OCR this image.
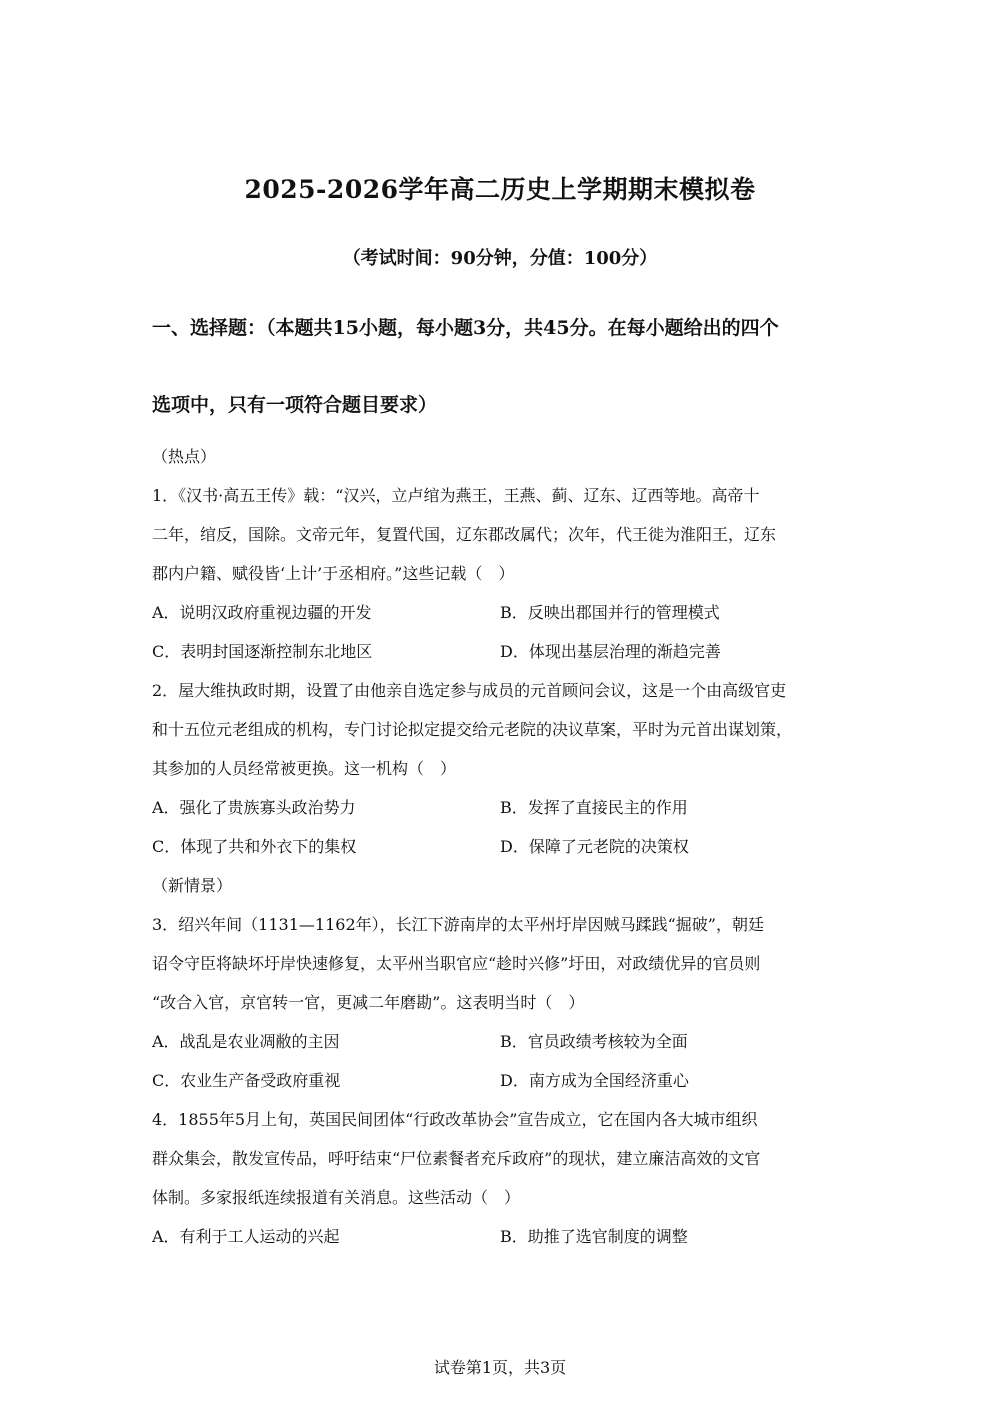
2025-2026学年高二历史上学期期末模拟卷
（考试时间：90分钟，分值：100分）
一、选择题：（本题共15小题，每小题3分，共45分。在每小题给出的四个
选项中，只有一项符合题目要求）
（热点）
1．《汉书·高五王传》载：“汉兴，立卢绾为燕王，王燕、蓟、辽东、辽西等地。高帝十
二年，绾反，国除。文帝元年，复置代国，辽东郡改属代；次年，代王徙为淮阳王，辽东
郡内户籍、赋役皆‘上计’于丞相府。”这些记载（　）
A．说明汉政府重视边疆的开发	B．反映出郡国并行的管理模式
C．表明封国逐渐控制东北地区	D．体现出基层治理的渐趋完善
2．屋大维执政时期，设置了由他亲自选定参与成员的元首顾问会议，这是一个由高级官吏
和十五位元老组成的机构，专门讨论拟定提交给元老院的决议草案，平时为元首出谋划策，
其参加的人员经常被更换。这一机构（　）
A．强化了贵族寡头政治势力	B．发挥了直接民主的作用
C．体现了共和外衣下的集权	D．保障了元老院的决策权
（新情景）
3．绍兴年间（1131—1162年），长江下游南岸的太平州圩岸因贼马蹂践“掘破”，朝廷
诏令守臣将缺坏圩岸快速修复，太平州当职官应“趁时兴修”圩田，对政绩优异的官员则
“改合入官，京官转一官，更减二年磨勘”。这表明当时（　）
A．战乱是农业凋敝的主因	B．官员政绩考核较为全面
C．农业生产备受政府重视	D．南方成为全国经济重心
4．1855年5月上旬，英国民间团体“行政改革协会”宣告成立，它在国内各大城市组织
群众集会，散发宣传品，呼吁结束“尸位素餐者充斥政府”的现状，建立廉洁高效的文官
体制。多家报纸连续报道有关消息。这些活动（　）
A．有利于工人运动的兴起	B．助推了选官制度的调整
试卷第1页，共3页
